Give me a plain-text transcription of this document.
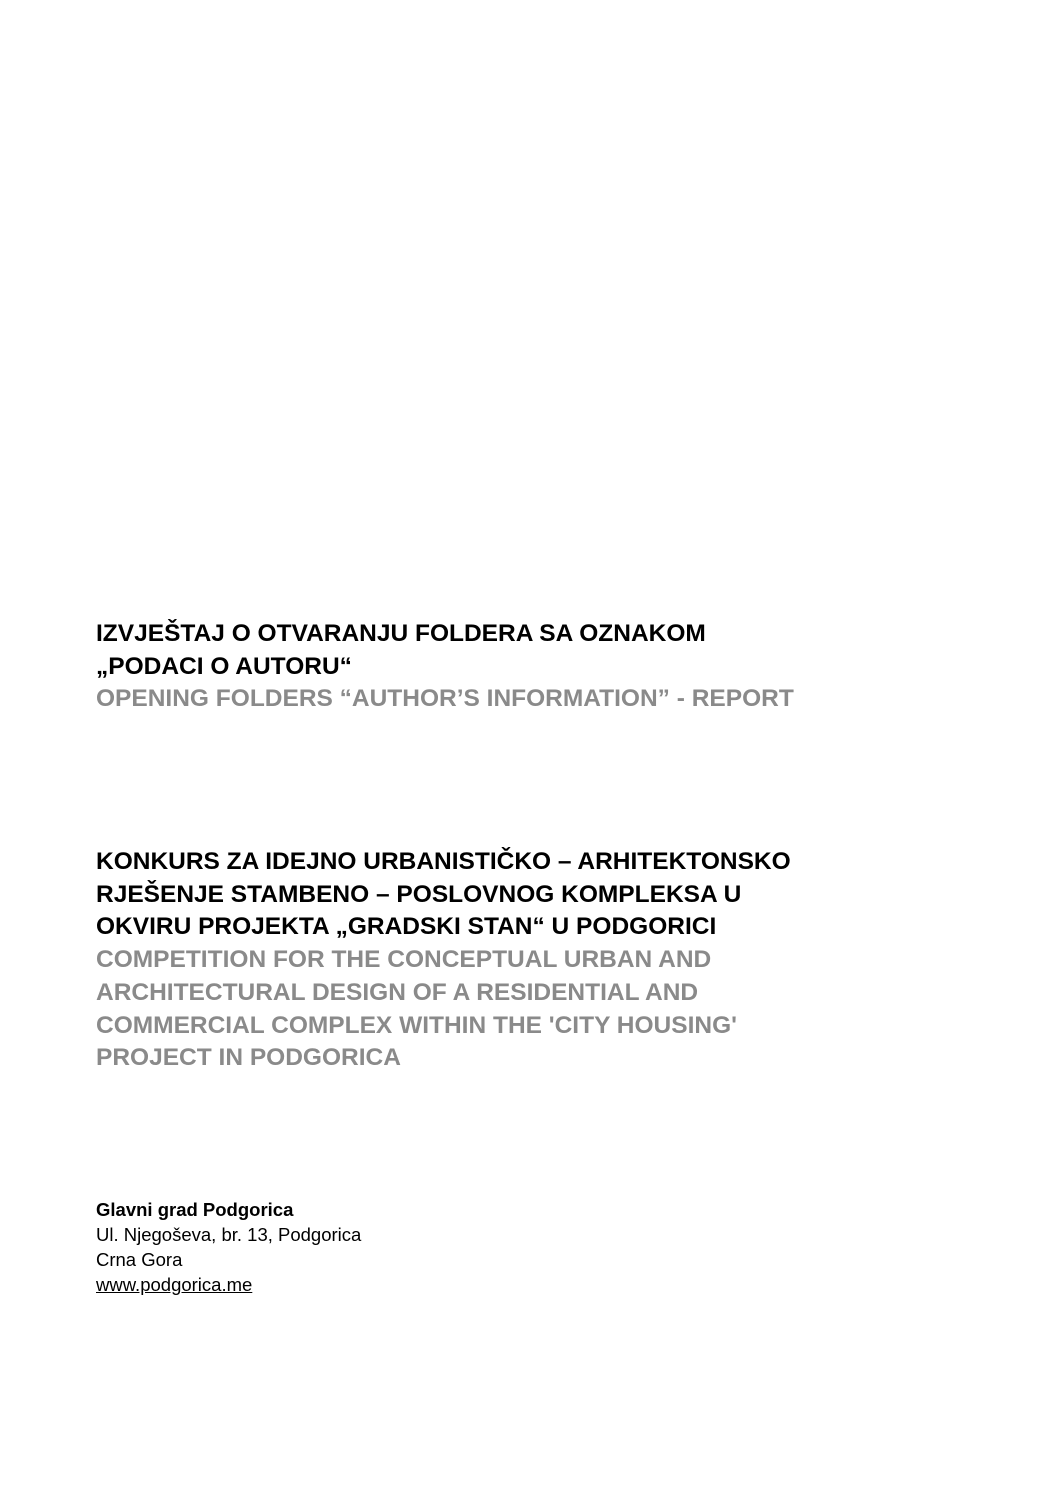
IZVJEŠTAJ O OTVARANJU FOLDERA SA OZNAKOM

„PODACI O AUTORU“

OPENING FOLDERS “AUTHOR’S INFORMATION” - REPORT

KONKURS ZA IDEJNO URBANISTIČKO – ARHITEKTONSKO

RJEŠENJE STAMBENO – POSLOVNOG KOMPLEKSA U

OKVIRU PROJEKTA „GRADSKI STAN“ U PODGORICI

COMPETITION FOR THE CONCEPTUAL URBAN AND

ARCHITECTURAL DESIGN OF A RESIDENTIAL AND

COMMERCIAL COMPLEX WITHIN THE 'CITY HOUSING'

PROJECT IN PODGORICA

Glavni grad Podgorica
Ul. Njegoševa, br. 13, Podgorica
Crna Gora
www.podgorica.me
